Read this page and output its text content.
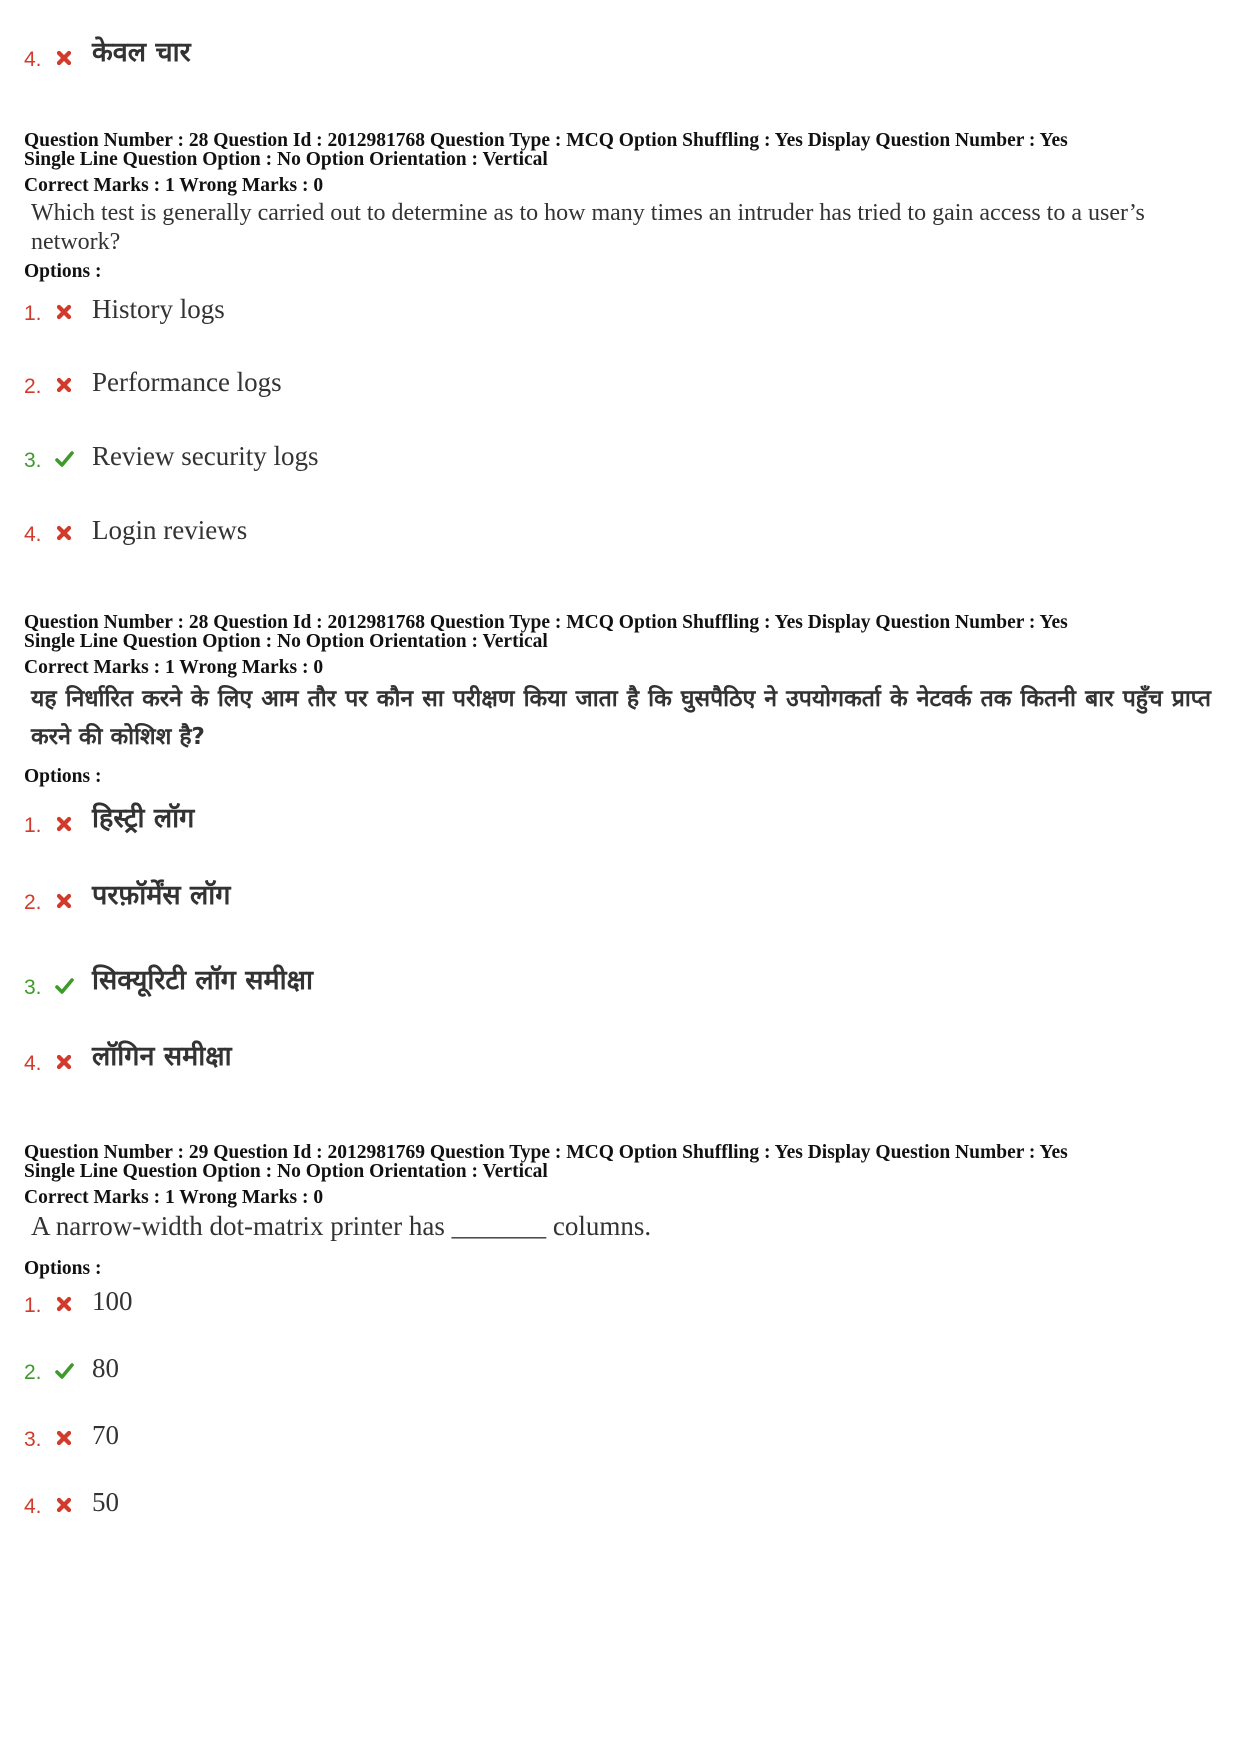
4. केवल चार
Question Number : 28 Question Id : 2012981768 Question Type : MCQ Option Shuffling : Yes Display Question Number : Yes
Single Line Question Option : No Option Orientation : Vertical
Correct Marks : 1 Wrong Marks : 0
Which test is generally carried out to determine as to how many times an intruder has tried to gain access to a user’s network?
Options :
1. History logs
2. Performance logs
3. Review security logs
4. Login reviews
Question Number : 28 Question Id : 2012981768 Question Type : MCQ Option Shuffling : Yes Display Question Number : Yes
Single Line Question Option : No Option Orientation : Vertical
Correct Marks : 1 Wrong Marks : 0
यह निर्धारित करने के लिए आम तौर पर कौन सा परीक्षण किया जाता है कि घुसपैठिए ने उपयोगकर्ता के नेटवर्क तक कितनी बार पहुँच प्राप्त करने की कोशिश है?
Options :
1. हिस्ट्री लॉग
2. परफ़ॉर्मेंस लॉग
3. सिक्यूरिटी लॉग समीक्षा
4. लॉगिन समीक्षा
Question Number : 29 Question Id : 2012981769 Question Type : MCQ Option Shuffling : Yes Display Question Number : Yes
Single Line Question Option : No Option Orientation : Vertical
Correct Marks : 1 Wrong Marks : 0
A narrow-width dot-matrix printer has _______ columns.
Options :
1. 100
2. 80
3. 70
4. 50
